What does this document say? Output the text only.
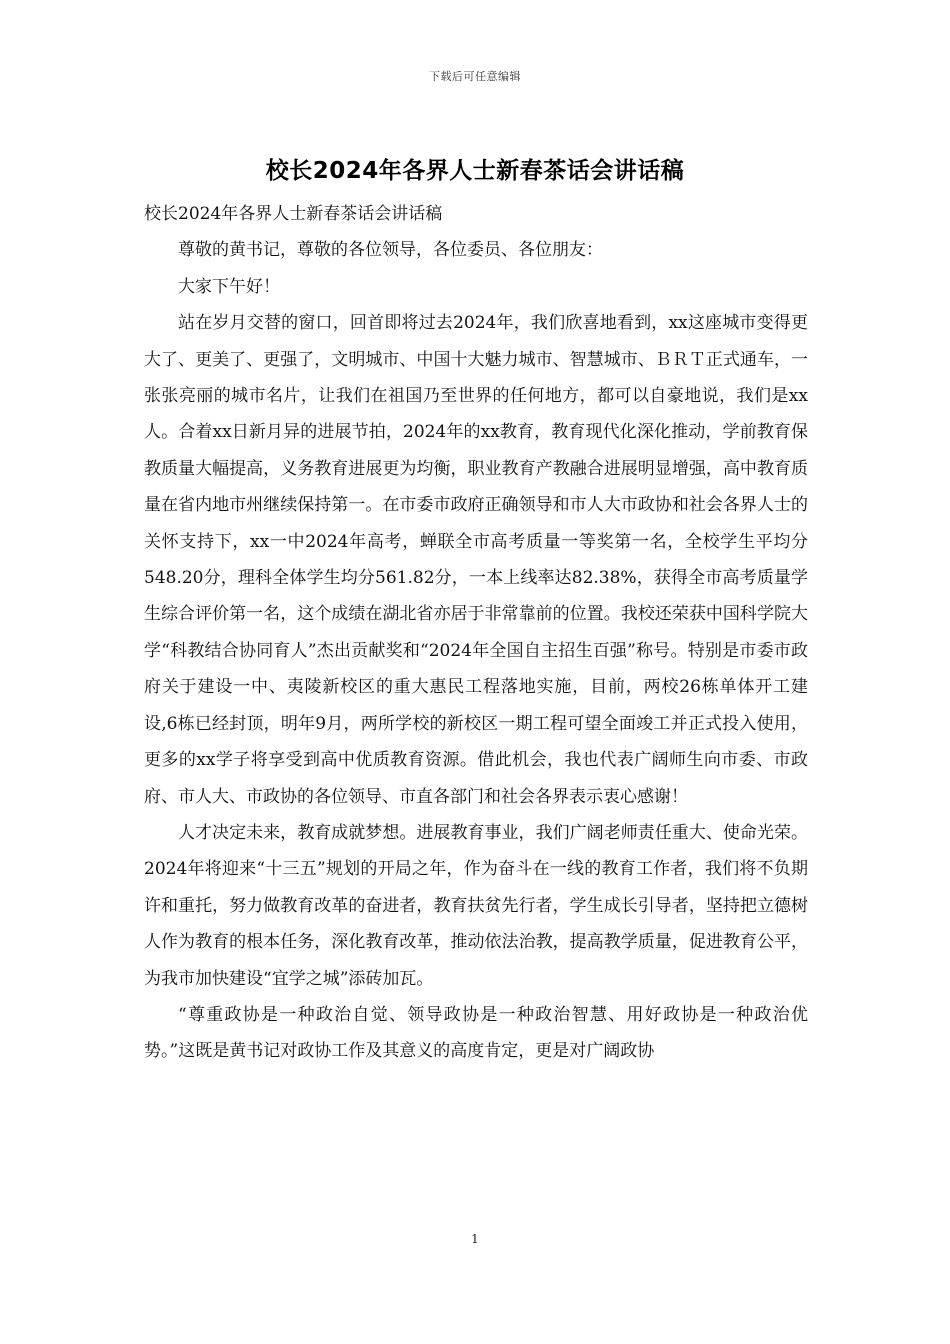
下载后可任意编辑
校长2024年各界人士新春茶话会讲话稿

校长2024年各界人士新春茶话会讲话稿

尊敬的黄书记，尊敬的各位领导，各位委员、各位朋友：

大家下午好！

站在岁月交替的窗口，回首即将过去2024年，我们欣喜地看到，xx这座城市变得更大了、更美了、更强了，文明城市、中国十大魅力城市、智慧城市、ＢＲＴ正式通车，一张张亮丽的城市名片，让我们在祖国乃至世界的任何地方，都可以自豪地说，我们是xx人。合着xx日新月异的进展节拍，2024年的xx教育，教育现代化深化推动，学前教育保教质量大幅提高，义务教育进展更为均衡，职业教育产教融合进展明显增强，高中教育质量在省内地市州继续保持第一。在市委市政府正确领导和市人大市政协和社会各界人士的关怀支持下，xx一中2024年高考，蝉联全市高考质量一等奖第一名，全校学生平均分548.20分，理科全体学生均分561.82分，一本上线率达82.38%，获得全市高考质量学生综合评价第一名，这个成绩在湖北省亦居于非常靠前的位置。我校还荣获中国科学院大学“科教结合协同育人”杰出贡献奖和“2024年全国自主招生百强”称号。特别是市委市政府关于建设一中、夷陵新校区的重大惠民工程落地实施，目前，两校26栋单体开工建设,6栋已经封顶，明年9月，两所学校的新校区一期工程可望全面竣工并正式投入使用，更多的xx学子将享受到高中优质教育资源。借此机会，我也代表广阔师生向市委、市政府、市人大、市政协的各位领导、市直各部门和社会各界表示衷心感谢！

人才决定未来，教育成就梦想。进展教育事业，我们广阔老师责任重大、使命光荣。2024年将迎来“十三五”规划的开局之年，作为奋斗在一线的教育工作者，我们将不负期许和重托，努力做教育改革的奋进者，教育扶贫先行者，学生成长引导者，坚持把立德树人作为教育的根本任务，深化教育改革，推动依法治教，提高教学质量，促进教育公平，为我市加快建设“宜学之城”添砖加瓦。

“尊重政协是一种政治自觉、领导政协是一种政治智慧、用好政协是一种政治优势。”这既是黄书记对政协工作及其意义的高度肯定，更是对广阔政协

1
